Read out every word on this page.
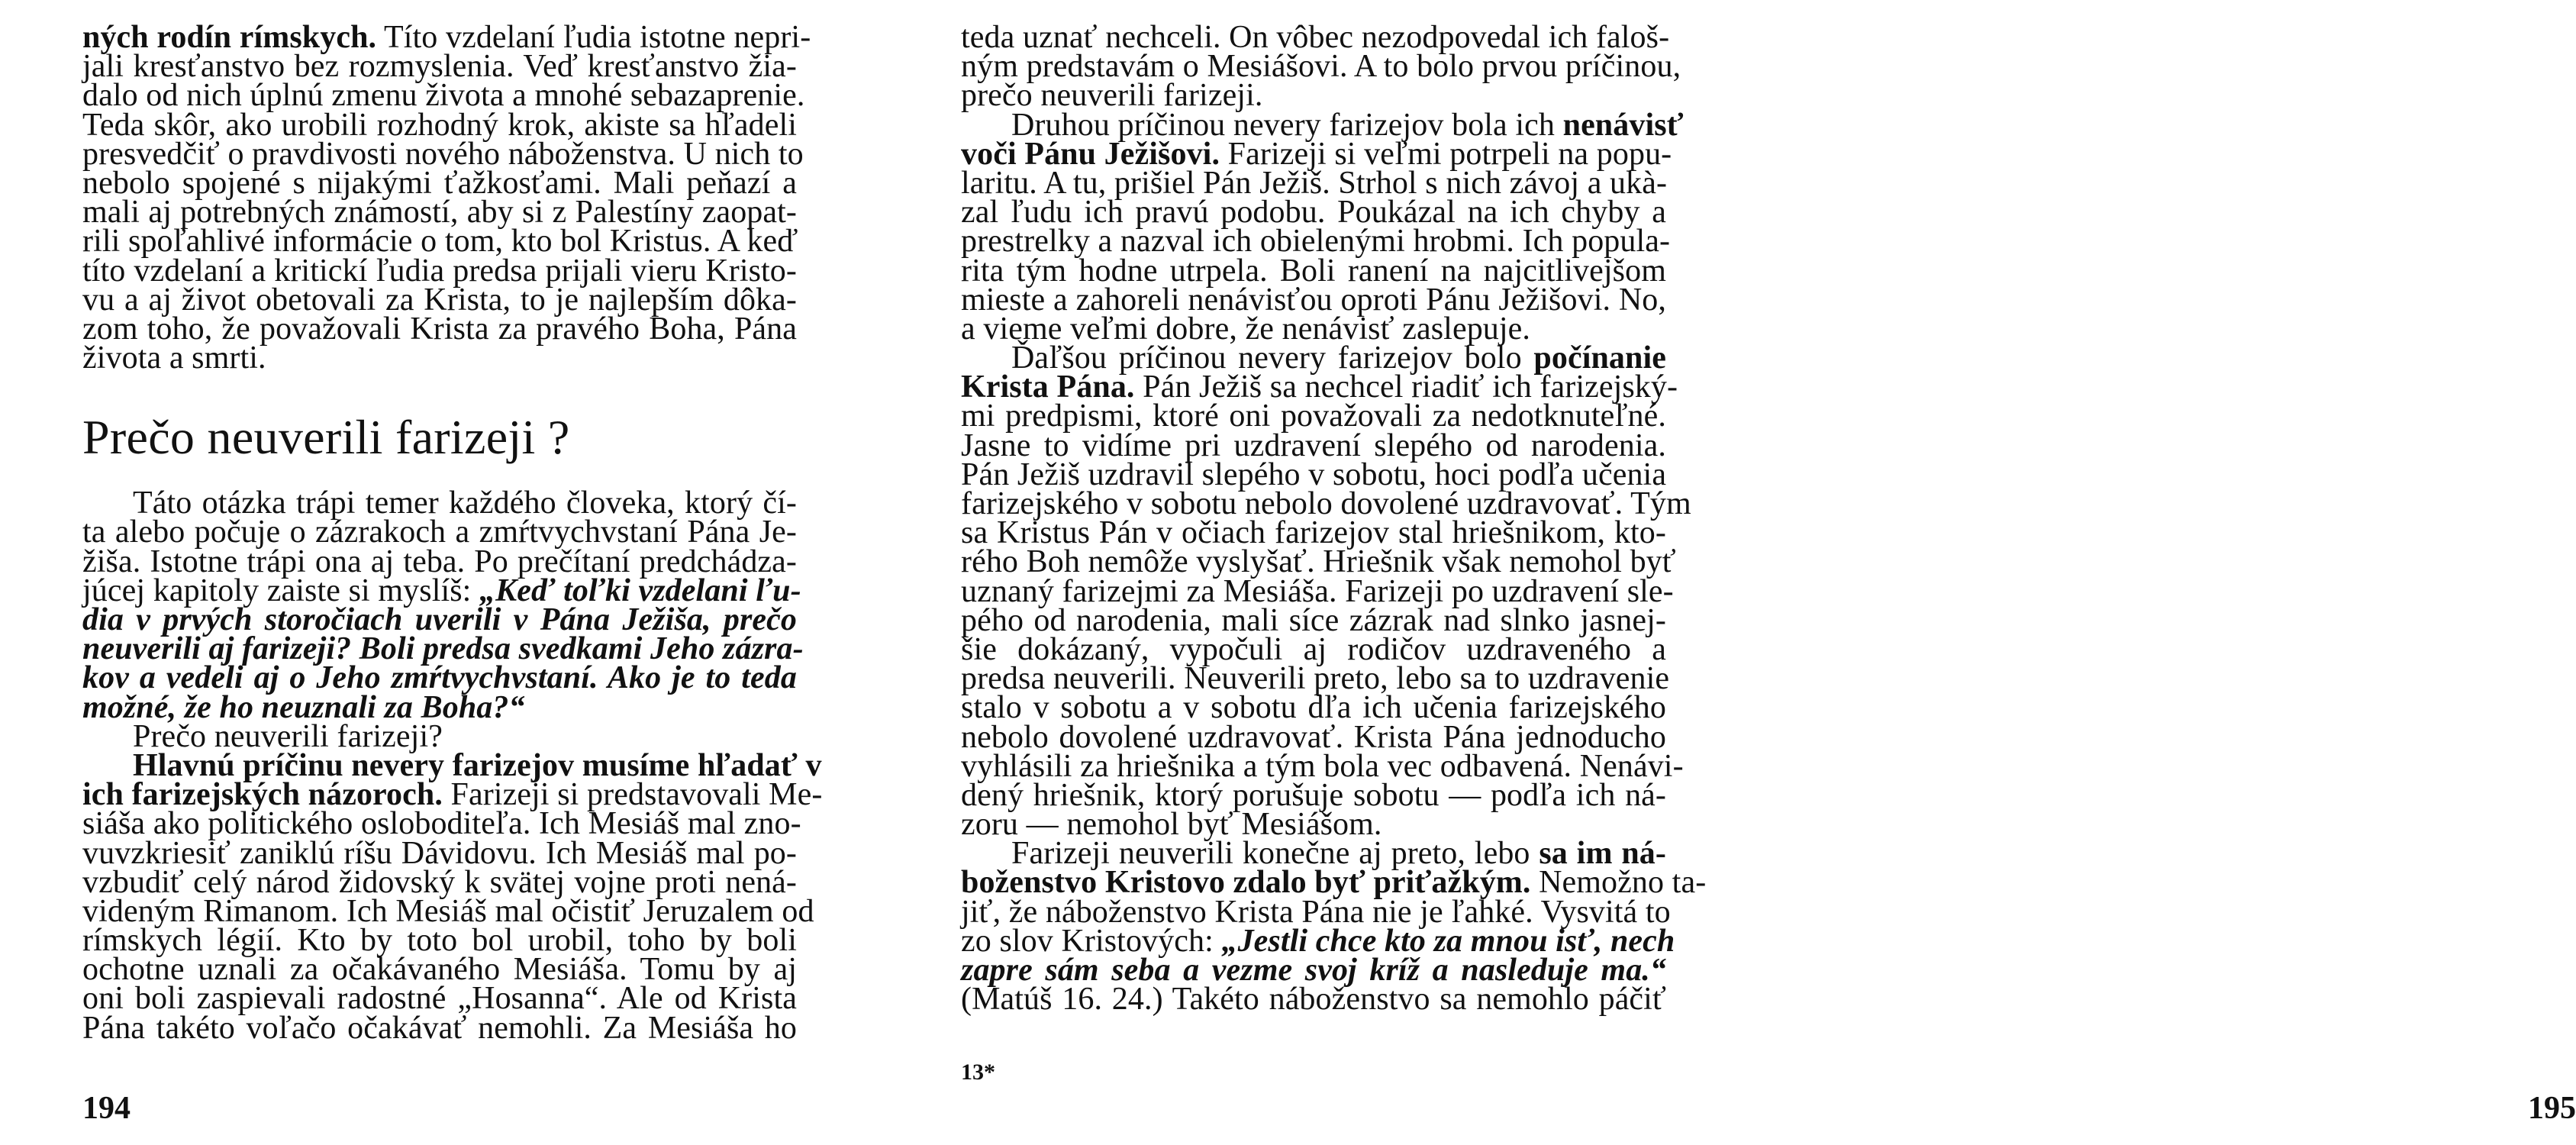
ných rodín rímskych. Títo vzdelaní ľudia istotne nepri-
jali kresťanstvo bez rozmyslenia. Veď kresťanstvo žia-
dalo od nich úplnú zmenu života a mnohé sebazaprenie.
Teda skôr, ako urobili rozhodný krok, akiste sa hľadeli
presvedčiť o pravdivosti nového náboženstva. U nich to
nebolo spojené s nijakými ťažkosťami. Mali peňazí a
mali aj potrebných známostí, aby si z Palestíny zaopat-
rili spoľahlivé informácie o tom, kto bol Kristus. A keď
títo vzdelaní a kritickí ľudia predsa prijali vieru Kristo-
vu a aj život obetovali za Krista, to je najlepším dôka-
zom toho, že považovali Krista za pravého Boha, Pána
života a smrti.
Prečo neuverili farizeji ?
Táto otázka trápi temer každého človeka, ktorý čí-
ta alebo počuje o zázrakoch a zmŕtvychvstaní Pána Je-
žiša. Istotne trápi ona aj teba. Po prečítaní predchádza-
júcej kapitoly zaiste si myslíš: „Keď toľki vzdelani ľu-
dia v prvých storočiach uverili v Pána Ježiša, prečo
neuverili aj farizeji? Boli predsa svedkami Jeho zázra-
kov a vedeli aj o Jeho zmŕtvychvstaní. Ako je to teda
možné, že ho neuznali za Boha?“
Prečo neuverili farizeji?
Hlavnú príčinu nevery farizejov musíme hľadať v
ich farizejských názoroch. Farizeji si predstavovali Me-
siáša ako politického osloboditeľa. Ich Mesiáš mal zno-
vuvzkriesiť zaniklú ríšu Dávidovu. Ich Mesiáš mal po-
vzbudiť celý národ židovský k svätej vojne proti nená-
videným Rimanom. Ich Mesiáš mal očistiť Jeruzalem od
rímskych légií. Kto by toto bol urobil, toho by boli
ochotne uznali za očakávaného Mesiáša. Tomu by aj
oni boli zaspievali radostné „Hosanna“. Ale od Krista
Pána takéto voľačo očakávať nemohli. Za Mesiáša ho
194
teda uznať nechceli. On vôbec nezodpovedal ich faloš-
ným predstavám o Mesiášovi. A to bolo prvou príčinou,
prečo neuverili farizeji.
Druhou príčinou nevery farizejov bola ich nenávisť
voči Pánu Ježišovi. Farizeji si veľmi potrpeli na popu-
laritu. A tu, prišiel Pán Ježiš. Strhol s nich závoj a ukà-
zal ľudu ich pravú podobu. Poukázal na ich chyby a
prestrelky a nazval ich obielenými hrobmi. Ich popula-
rita tým hodne utrpela. Boli ranení na najcitlivejšom
mieste a zahoreli nenávisťou oproti Pánu Ježišovi. No,
a vieme veľmi dobre, že nenávisť zaslepuje.
Ďaľšou príčinou nevery farizejov bolo počínanie
Krista Pána. Pán Ježiš sa nechcel riadiť ich farizejský-
mi predpismi, ktoré oni považovali za nedotknuteľné.
Jasne to vidíme pri uzdravení slepého od narodenia.
Pán Ježiš uzdravil slepého v sobotu, hoci podľa učenia
farizejského v sobotu nebolo dovolené uzdravovať. Tým
sa Kristus Pán v očiach farizejov stal hriešnikom, kto-
rého Boh nemôže vyslyšať. Hriešnik však nemohol byť
uznaný farizejmi za Mesiáša. Farizeji po uzdravení sle-
pého od narodenia, mali síce zázrak nad slnko jasnej-
šie dokázaný, vypočuli aj rodičov uzdraveného a
predsa neuverili. Neuverili preto, lebo sa to uzdravenie
stalo v sobotu a v sobotu dľa ich učenia farizejského
nebolo dovolené uzdravovať. Krista Pána jednoducho
vyhlásili za hriešnika a tým bola vec odbavená. Nenávi-
dený hriešnik, ktorý porušuje sobotu — podľa ich ná-
zoru — nemohol byť Mesiášom.
Farizeji neuverili konečne aj preto, lebo sa im ná-
boženstvo Kristovo zdalo byť priťažkým. Nemožno ta-
jiť, že náboženstvo Krista Pána nie je ľahké. Vysvitá to
zo slov Kristových: „Jestli chce kto za mnou isť, nech
zapre sám seba a vezme svoj kríž a nasleduje ma.“
(Matúš 16. 24.) Takéto náboženstvo sa nemohlo páčiť
195
13*
